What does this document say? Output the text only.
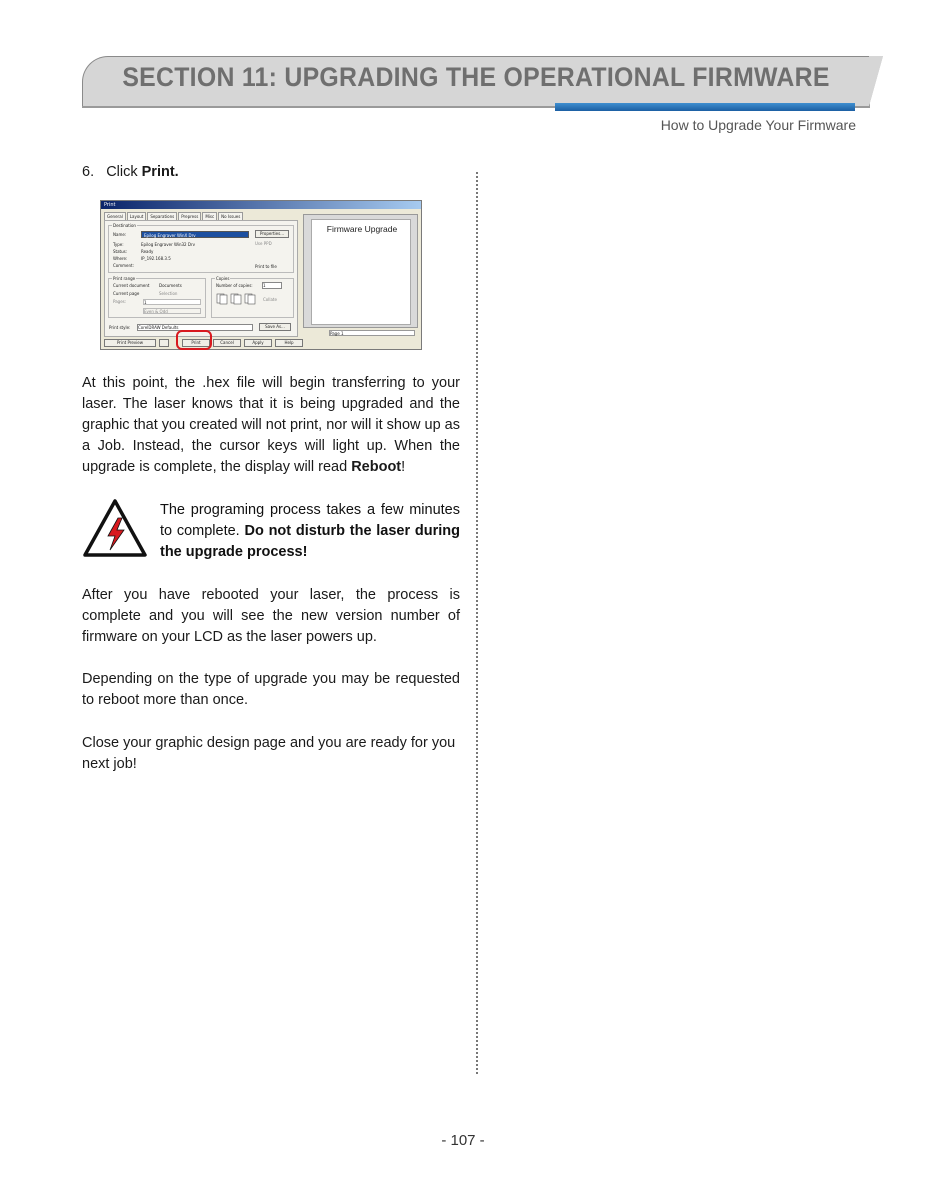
SECTION 11: UPGRADING THE OPERATIONAL FIRMWARE
How to Upgrade Your Firmware
6. Click Print.
Print
General	Layout	Separations	Prepress	Misc	No Issues
Destination
Name:	Epilog Engraver WinX Drv	Properties...
Type:	Epilog Engraver Win32 Drv	Use PPD
Status:	Ready
Where:	IP_192.168.3.5
Comment:	Print to file
Print range
Current document Documents
Current page	Selection
Pages:	1
Even & Odd
Copies
Number of copies:	1
Collate
Print style: CorelDRAW Defaults	Save As...
Firmware Upgrade
Page 1
Print Preview	Print	Cancel	Apply	Help
At this point, the .hex file will begin transferring to your laser. The laser knows that it is being upgraded and the graphic that you created will not print, nor will it show up as a Job. Instead, the cursor keys will light up. When the upgrade is complete, the display will read Reboot!
The programing process takes a few minutes to complete. Do not disturb the laser during the upgrade process!
After you have rebooted your laser, the process is complete and you will see the new version number of firmware on your LCD as the laser powers up.
Depending on the type of upgrade you may be requested to reboot more than once.
Close your graphic design page and you are ready for you next job!
- 107 -
